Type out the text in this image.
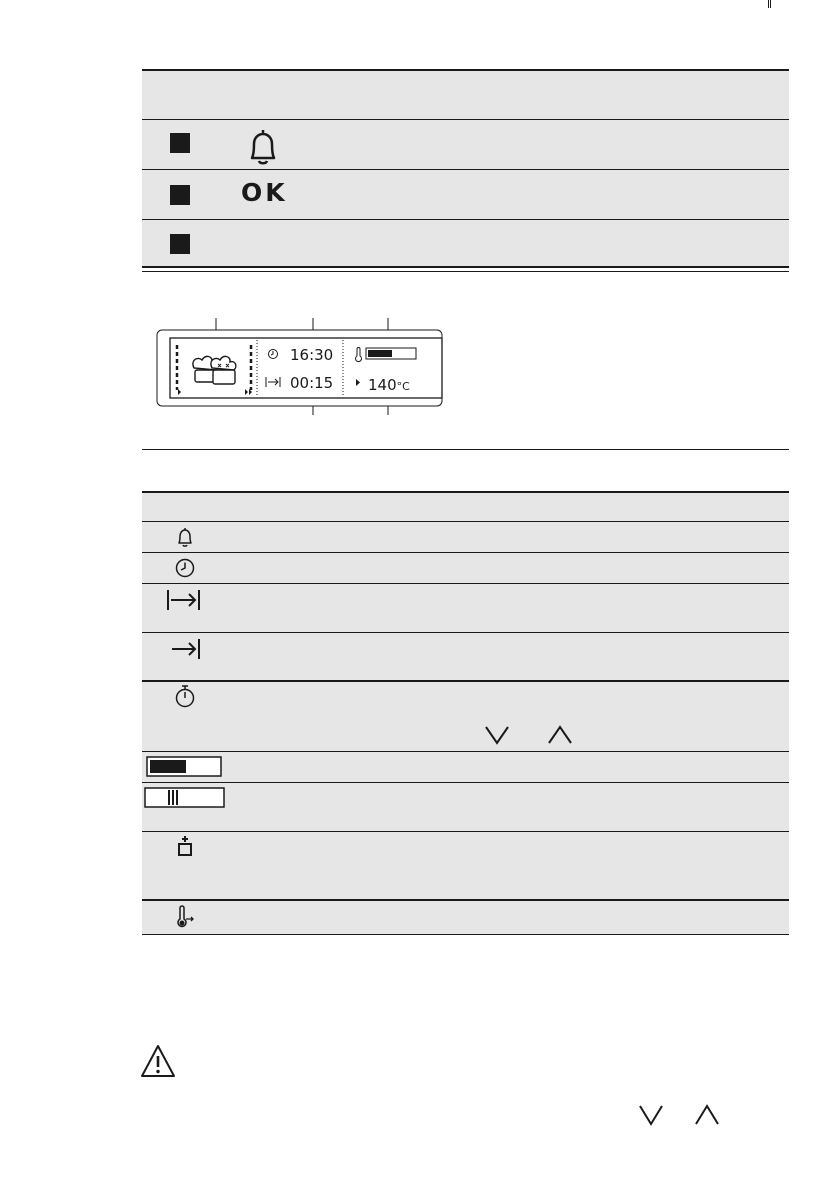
OK
16:30
00:15 140°C
